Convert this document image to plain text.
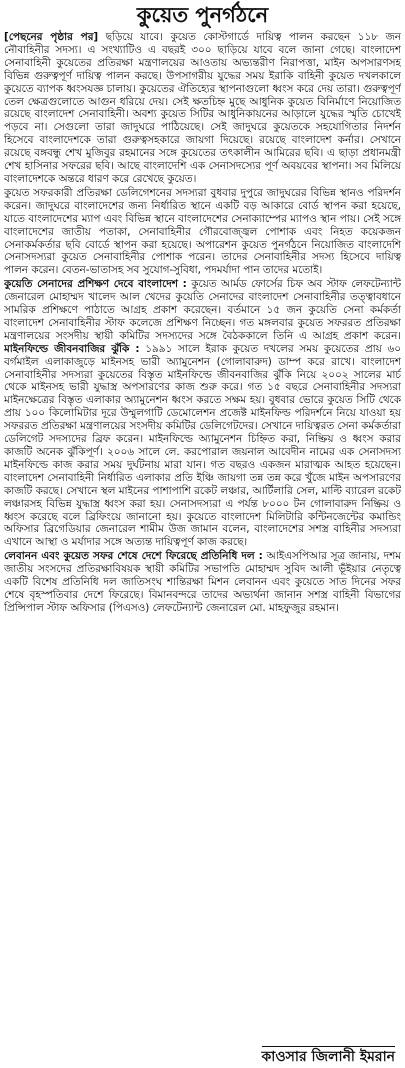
কুয়েত পুনর্গঠনে

[পেছনের পৃষ্ঠার পর] ছড়িয়ে যাবে। কুয়েত কোস্টগার্ডে দায়িত্ব পালন করছেন ১১৮ জন নৌবাহিনীর সদস্য। এ সংখ্যাটিও এ বছরই ৩০০ ছাড়িয়ে যাবে বলে জানা গেছে। বাংলাদেশ সেনাবাহিনী কুয়েতের প্রতিরক্ষা মন্ত্রণালয়ের আওতায় অভ্যন্তরীণ নিরাপত্তা, মাইন অপসারণসহ বিভিন্ন গুরুত্বপূর্ণ দায়িত্ব পালন করছে। উপসাগরীয় যুদ্ধের সময় ইরাকি বাহিনী কুয়েত দখলকালে কুয়েতে ব্যাপক ধ্বংসযজ্ঞ চালায়। কুয়েতের ঐতিহ্যের স্থাপনাগুলো ধ্বংস করে দেয় তারা। গুরুত্বপূর্ণ তেল ক্ষেত্রগুলোতে আগুন ধরিয়ে দেয়। সেই ক্ষতচিহ্ন মুছে আধুনিক কুয়েত বিনির্মাণে নিয়োজিত রয়েছে বাংলাদেশ সেনাবাহিনী। অবশ্য কুয়েত সিটির আধুনিকায়নের আড়ালে যুদ্ধের স্মৃতি চোখেই পড়বে না। সেগুলো তারা জাদুঘরে পাঠিয়েছে। সেই জাদুঘরে কুয়েতকে সহযোগিতার নিদর্শন হিসেবে বাংলাদেশকে তারা গুরুত্বসহকারে জায়গা দিয়েছে। রয়েছে বাংলাদেশ কর্নার। সেখানে রয়েছে বঙ্গবন্ধু শেখ মুজিবুর রহমানের সঙ্গে কুয়েতের তৎকালীন আমিরের ছবি। এ ছাড়া প্রধানমন্ত্রী শেখ হাসিনার সফরের ছবি। আছে বাংলাদেশি এক সেনাসদস্যের পূর্ণ অবয়বের স্থাপনা। সব মিলিয়ে বাংলাদেশকে অন্তরে ধারণ করে রেখেছে কুয়েত।

কুয়েত সফরকারী প্রতিরক্ষা ডেলিগেশনের সদস্যরা বুধবার দুপুরে জাদুঘরের বিভিন্ন স্থানও পরিদর্শন করেন। জাদুঘরে বাংলাদেশের জন্য নির্ধারিত স্থানে একটি বড় আকারে বোর্ড স্থাপন করা হয়েছে, যাতে বাংলাদেশের ম্যাপ এবং বিভিন্ন স্থানে বাংলাদেশের সেনাক্যাম্পের ম্যাপও স্থান পায়। সেই সঙ্গে বাংলাদেশের জাতীয় পতাকা, সেনাবাহিনীর গৌরবোজ্জ্বল পোশাক এবং নিহত কয়েকজন সেনাকর্মকর্তার ছবি বোর্ডে স্থাপন করা হয়েছে। অপারেশন কুয়েত পুনর্গঠনে নিয়োজিত বাংলাদেশি সেনাসদস্যরা কুয়েত সেনাবাহিনীর পোশাক পরেন। তাদের সেনাবাহিনীর সদস্য হিসেবে দায়িত্ব পালন করেন। বেতন-ভাতাসহ সব সুযোগ-সুবিধা, পদমর্যাদা পান তাদের মতোই।

কুয়েতি সেনাদের প্রশিক্ষণ দেবে বাংলাদেশ : কুয়েত আর্মড ফোর্সের চিফ অব স্টাফ লেফটেন্যান্ট জেনারেল মোহাম্মদ খালেদ আল খেদের কুয়েতি সেনাদের বাংলাদেশ সেনাবাহিনীর তত্ত্বাবধানে সামরিক প্রশিক্ষণে পাঠাতে আগ্রহ প্রকাশ করেছেন। বর্তমানে ১৫ জন কুয়েতি সেনা কর্মকর্তা বাংলাদেশ সেনাবাহিনীর স্টাফ কলেজে প্রশিক্ষণ নিচ্ছেন। গত মঙ্গলবার কুয়েত সফররত প্রতিরক্ষা মন্ত্রণালয়ের সংসদীয় স্থায়ী কমিটির সদস্যদের সঙ্গে বৈঠককালে তিনি এ আগ্রহ প্রকাশ করেন। মাইনফিল্ডে জীবনবাজির ঝুঁকি : ১৯৯১ সালে ইরাক কুয়েত দখলের সময় কুয়েতের প্রায় ৬০ বর্গমাইল এলাকাজুড়ে মাইনসহ ভারী অ্যামুনেশন (গোলাবারুদ) ডাম্প করে রাখে। বাংলাদেশ সেনাবাহিনীর সদস্যরা কুয়েতের বিস্তৃত মাইনফিল্ডে জীবনবাজির ঝুঁকি নিয়ে ২০০২ সালের মার্চ থেকে মাইনসহ ভারী যুদ্ধাস্ত্র অপসারণের কাজ শুরু করে। গত ১৫ বছরে সেনাবাহিনীর সদস্যরা মাইনক্ষেত্রের বিস্তৃত এলাকার অ্যামুনেশন ধ্বংস করতে সক্ষম হয়। বুধবার ভোরে কুয়েত সিটি থেকে প্রায় ১০০ কিলোমিটার দূরে উম্মুলগাটি ডেমোলেশন প্রজেক্ট মাইনফিল্ড পরিদর্শনে নিয়ে যাওয়া হয় সফররত প্রতিরক্ষা মন্ত্রণালয়ের সংসদীয় কমিটির ডেলিগেটদের। সেখানে দায়িত্বরত সেনা কর্মকর্তারা ডেলিগেট সদস্যদের ব্রিফ করেন। মাইনফিল্ডে অ্যামুনেশন চিহ্নিত করা, নিষ্ক্রিয় ও ধ্বংস করার কাজটি অনেক ঝুঁকিপূর্ণ। ২০০৬ সালে লে. করপোরাল জয়নাল আবেদীন নামের এক সেনাসদস্য মাইনফিল্ডে কাজ করার সময় দুর্ঘটনায় মারা যান। গত বছরও একজন মারাত্মক আহত হয়েছেন। বাংলাদেশ সেনাবাহিনী নির্ধারিত এলাকার প্রতি ইঞ্চি জায়গা তন্ন তন্ন করে খুঁজে মাইন অপসারণের কাজটি করছে। সেখানে স্থল মাইনের পাশাপাশি রকেট লঞ্চার, আর্টিলারি সেল, মাল্টি ব্যারেল রকেট লঞ্চারসহ বিভিন্ন যুদ্ধাস্ত্র ধ্বংস করা হয়। সেনাসদস্যরা এ পর্যন্ত ৮০০০ টন গোলাবারুদ নিষ্ক্রিয় ও ধ্বংস করেছে বলে ব্রিফিংয়ে জানানো হয়। কুয়েতে বাংলাদেশ মিলিটারি কন্টিনজেন্টের কমান্ডিং অফিসার ব্রিগেডিয়ার জেনারেল শামীম উজ জামান বলেন, বাংলাদেশের সশস্ত্র বাহিনীর সদস্যরা এখানে আস্থা ও মর্যাদার সঙ্গে অত্যন্ত দায়িত্বপূর্ণ কাজ করছে।

লেবানন এবং কুয়েত সফর শেষে দেশে ফিরেছে প্রতিনিধি দল : আইএসপিআর সূত্র জানায়, দশম জাতীয় সংসদের প্রতিরক্ষাবিষয়ক স্থায়ী কমিটির সভাপতি মোহাম্মদ সুবিদ আলী ভূঁইয়ার নেতৃত্বে একটি বিশেষ প্রতিনিধি দল জাতিসংঘ শান্তিরক্ষা মিশন লেবানন এবং কুয়েতে সাত দিনের সফর শেষে বৃহস্পতিবার দেশে ফিরেছে। বিমানবন্দরে তাদের অভ্যর্থনা জানান সশস্ত্র বাহিনী বিভাগের প্রিন্সিপাল স্টাফ অফিসার (পিএসও) লেফটেন্যান্ট জেনারেল মো. মাহফুজুর রহমান।

কাওসার জিলানী ইমরান
